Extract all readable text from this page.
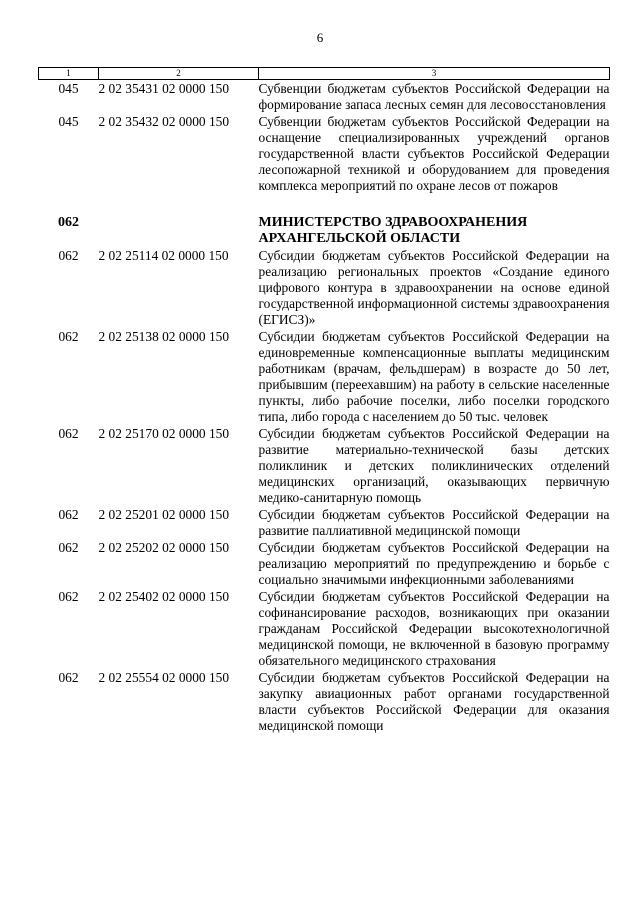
6
1	2	3
045	2 02 35431 02 0000 150	Субвенции бюджетам субъектов Российской Федерации на формирование запаса лесных семян для лесовосстановления
045	2 02 35432 02 0000 150	Субвенции бюджетам субъектов Российской Федерации на оснащение специализированных учреждений органов государственной власти субъектов Российской Федерации лесопожарной техникой и оборудованием для проведения комплекса мероприятий по охране лесов от пожаров

062		МИНИСТЕРСТВО ЗДРАВООХРАНЕНИЯ АРХАНГЕЛЬСКОЙ ОБЛАСТИ
062	2 02 25114 02 0000 150	Субсидии бюджетам субъектов Российской Федерации на реализацию региональных проектов «Создание единого цифрового контура в здравоохранении на основе единой государственной информационной системы здравоохранения (ЕГИСЗ)»
062	2 02 25138 02 0000 150	Субсидии бюджетам субъектов Российской Федерации на единовременные компенсационные выплаты медицинским работникам (врачам, фельдшерам) в возрасте до 50 лет, прибывшим (переехавшим) на работу в сельские населенные пункты, либо рабочие поселки, либо поселки городского типа, либо города с населением до 50 тыс. человек
062	2 02 25170 02 0000 150	Субсидии бюджетам субъектов Российской Федерации на развитие материально-технической базы детских поликлиник и детских поликлинических отделений медицинских организаций, оказывающих первичную медико-санитарную помощь
062	2 02 25201 02 0000 150	Субсидии бюджетам субъектов Российской Федерации на развитие паллиативной медицинской помощи
062	2 02 25202 02 0000 150	Субсидии бюджетам субъектов Российской Федерации на реализацию мероприятий по предупреждению и борьбе с социально значимыми инфекционными заболеваниями
062	2 02 25402 02 0000 150	Субсидии бюджетам субъектов Российской Федерации на софинансирование расходов, возникающих при оказании гражданам Российской Федерации высокотехнологичной медицинской помощи, не включенной в базовую программу обязательного медицинского страхования
062	2 02 25554 02 0000 150	Субсидии бюджетам субъектов Российской Федерации на закупку авиационных работ органами государственной власти субъектов Российской Федерации для оказания медицинской помощи
